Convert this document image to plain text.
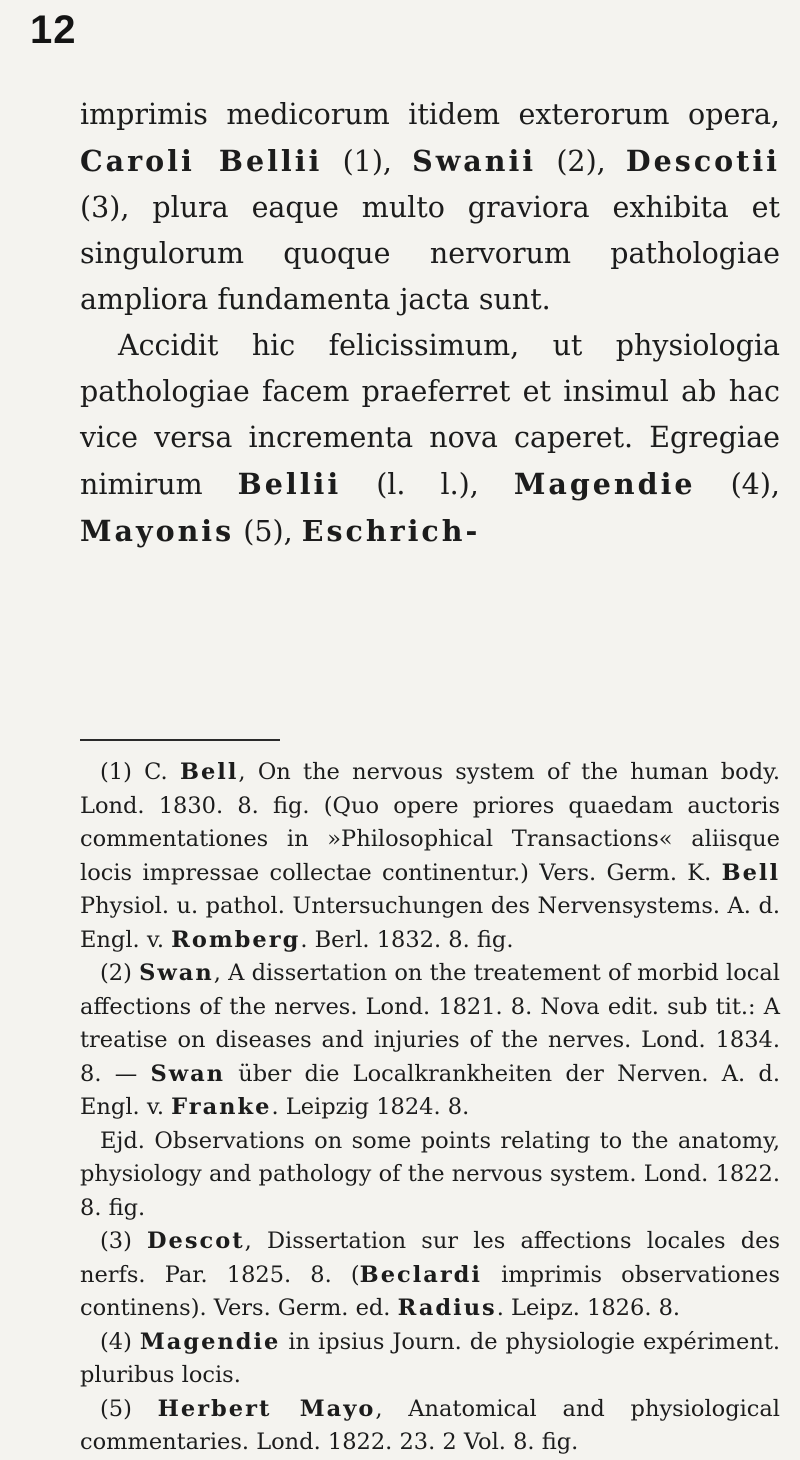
12

imprimis medicorum itidem exterorum opera, Caroli Bellii (1), Swanii (2), Descotii (3), plura eaque multo graviora exhibita et singulorum quoque nervorum pathologiae ampliora fundamenta jacta sunt.

Accidit hic felicissimum, ut physiologia pathologiae facem praeferret et insimul ab hac vice versa incrementa nova caperet. Egregiae nimirum Bellii (l. l.), Magendie (4), Mayonis (5), Eschrich-

(1) C. Bell, On the nervous system of the human body. Lond. 1830. 8. fig. (Quo opere priores quaedam auctoris commentationes in »Philosophical Transactions« aliisque locis impressae collectae continentur.) Vers. Germ. K. Bell Physiol. u. pathol. Untersuchungen des Nervensystems. A. d. Engl. v. Romberg. Berl. 1832. 8. fig.

(2) Swan, A dissertation on the treatement of morbid local affections of the nerves. Lond. 1821. 8. Nova edit. sub tit.: A treatise on diseases and injuries of the nerves. Lond. 1834. 8. — Swan über die Localkrankheiten der Nerven. A. d. Engl. v. Franke. Leipzig 1824. 8.

Ejd. Observations on some points relating to the anatomy, physiology and pathology of the nervous system. Lond. 1822. 8. fig.

(3) Descot, Dissertation sur les affections locales des nerfs. Par. 1825. 8. (Beclardi imprimis observationes continens). Vers. Germ. ed. Radius. Leipz. 1826. 8.

(4) Magendie in ipsius Journ. de physiologie expériment. pluribus locis.

(5) Herbert Mayo, Anatomical and physiological commentaries. Lond. 1822. 23. 2 Vol. 8. fig.
